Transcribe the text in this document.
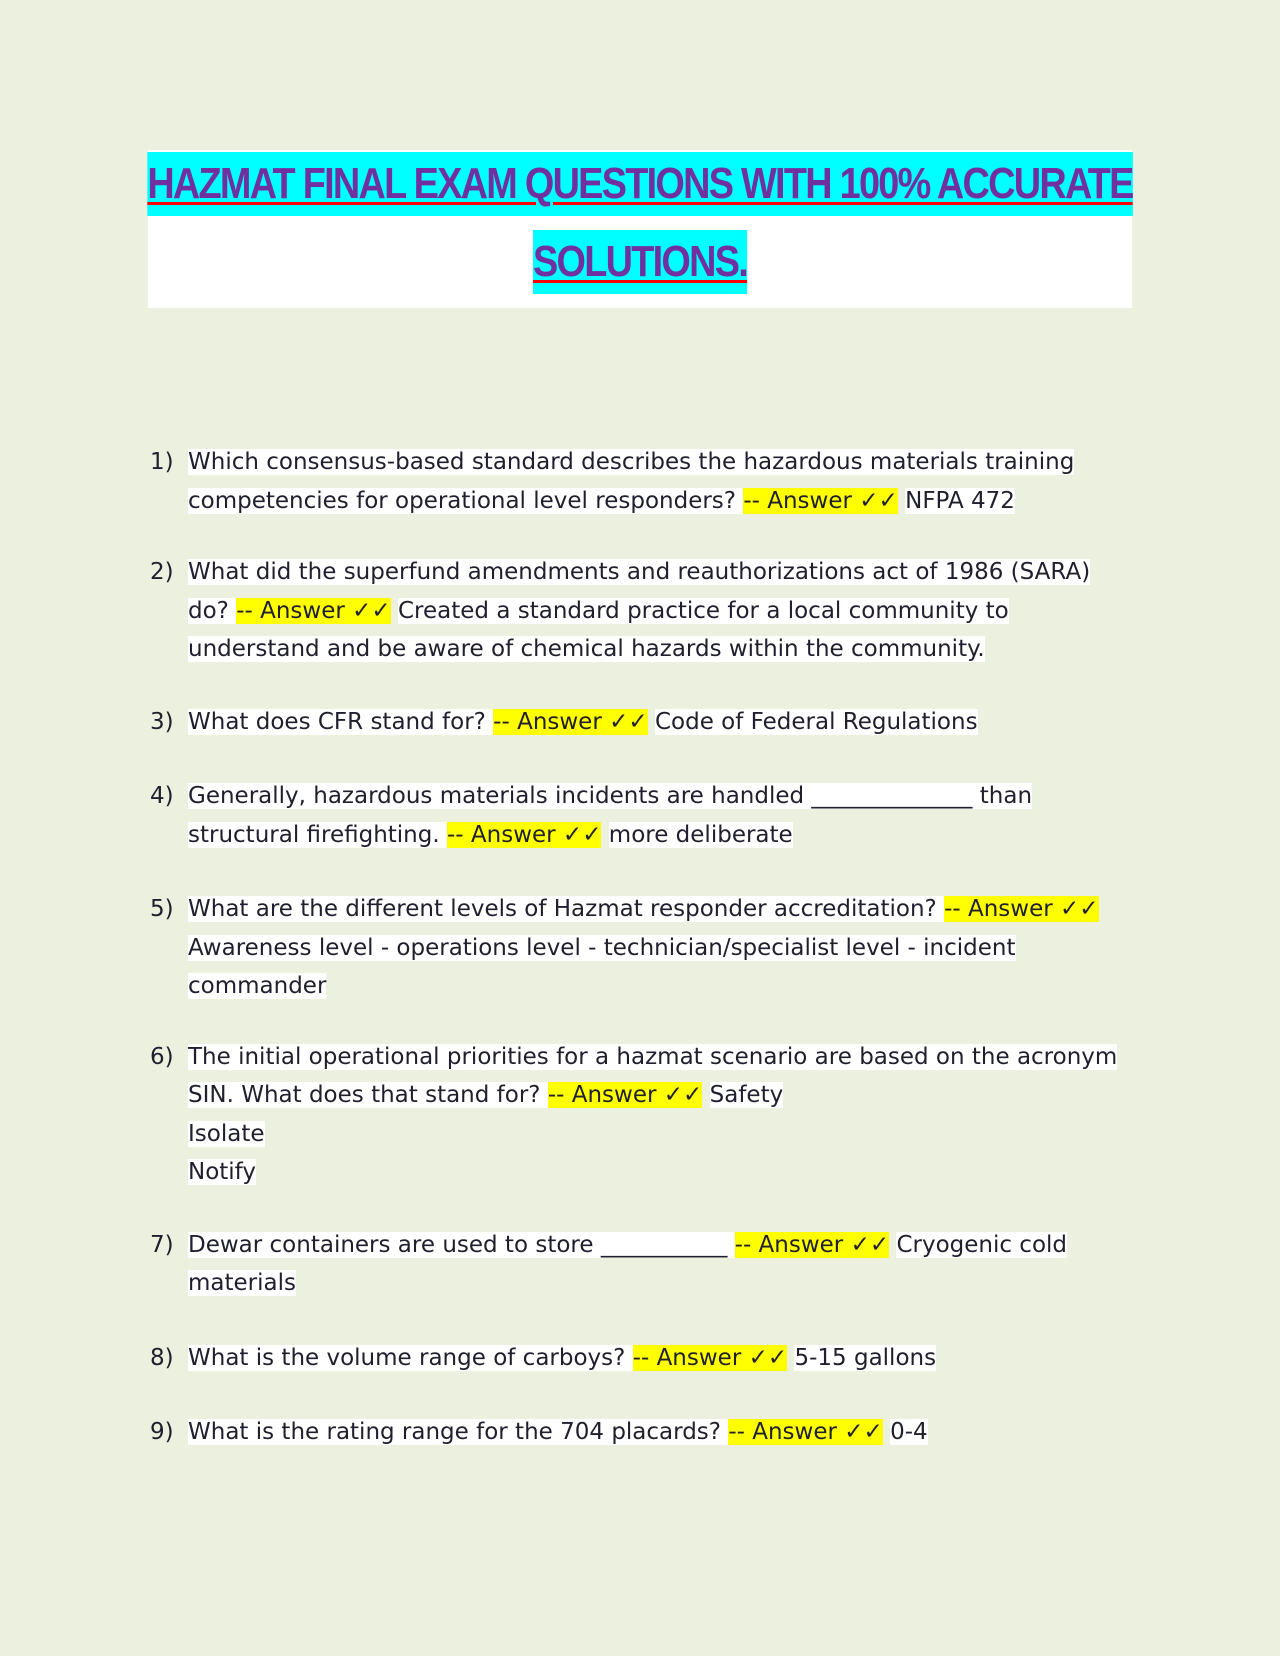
HAZMAT FINAL EXAM QUESTIONS WITH 100% ACCURATE
SOLUTIONS.
1) Which consensus-based standard describes the hazardous materials training competencies for operational level responders? -- Answer ✓✓ NFPA 472
2) What did the superfund amendments and reauthorizations act of 1986 (SARA) do? -- Answer ✓✓ Created a standard practice for a local community to understand and be aware of chemical hazards within the community.
3) What does CFR stand for? -- Answer ✓✓ Code of Federal Regulations
4) Generally, hazardous materials incidents are handled ______________ than structural firefighting. -- Answer ✓✓ more deliberate
5) What are the different levels of Hazmat responder accreditation? -- Answer ✓✓ Awareness level - operations level - technician/specialist level - incident commander
6) The initial operational priorities for a hazmat scenario are based on the acronym SIN. What does that stand for? -- Answer ✓✓ Safety
Isolate
Notify
7) Dewar containers are used to store ___________ -- Answer ✓✓ Cryogenic cold materials
8) What is the volume range of carboys? -- Answer ✓✓ 5-15 gallons
9) What is the rating range for the 704 placards? -- Answer ✓✓ 0-4
